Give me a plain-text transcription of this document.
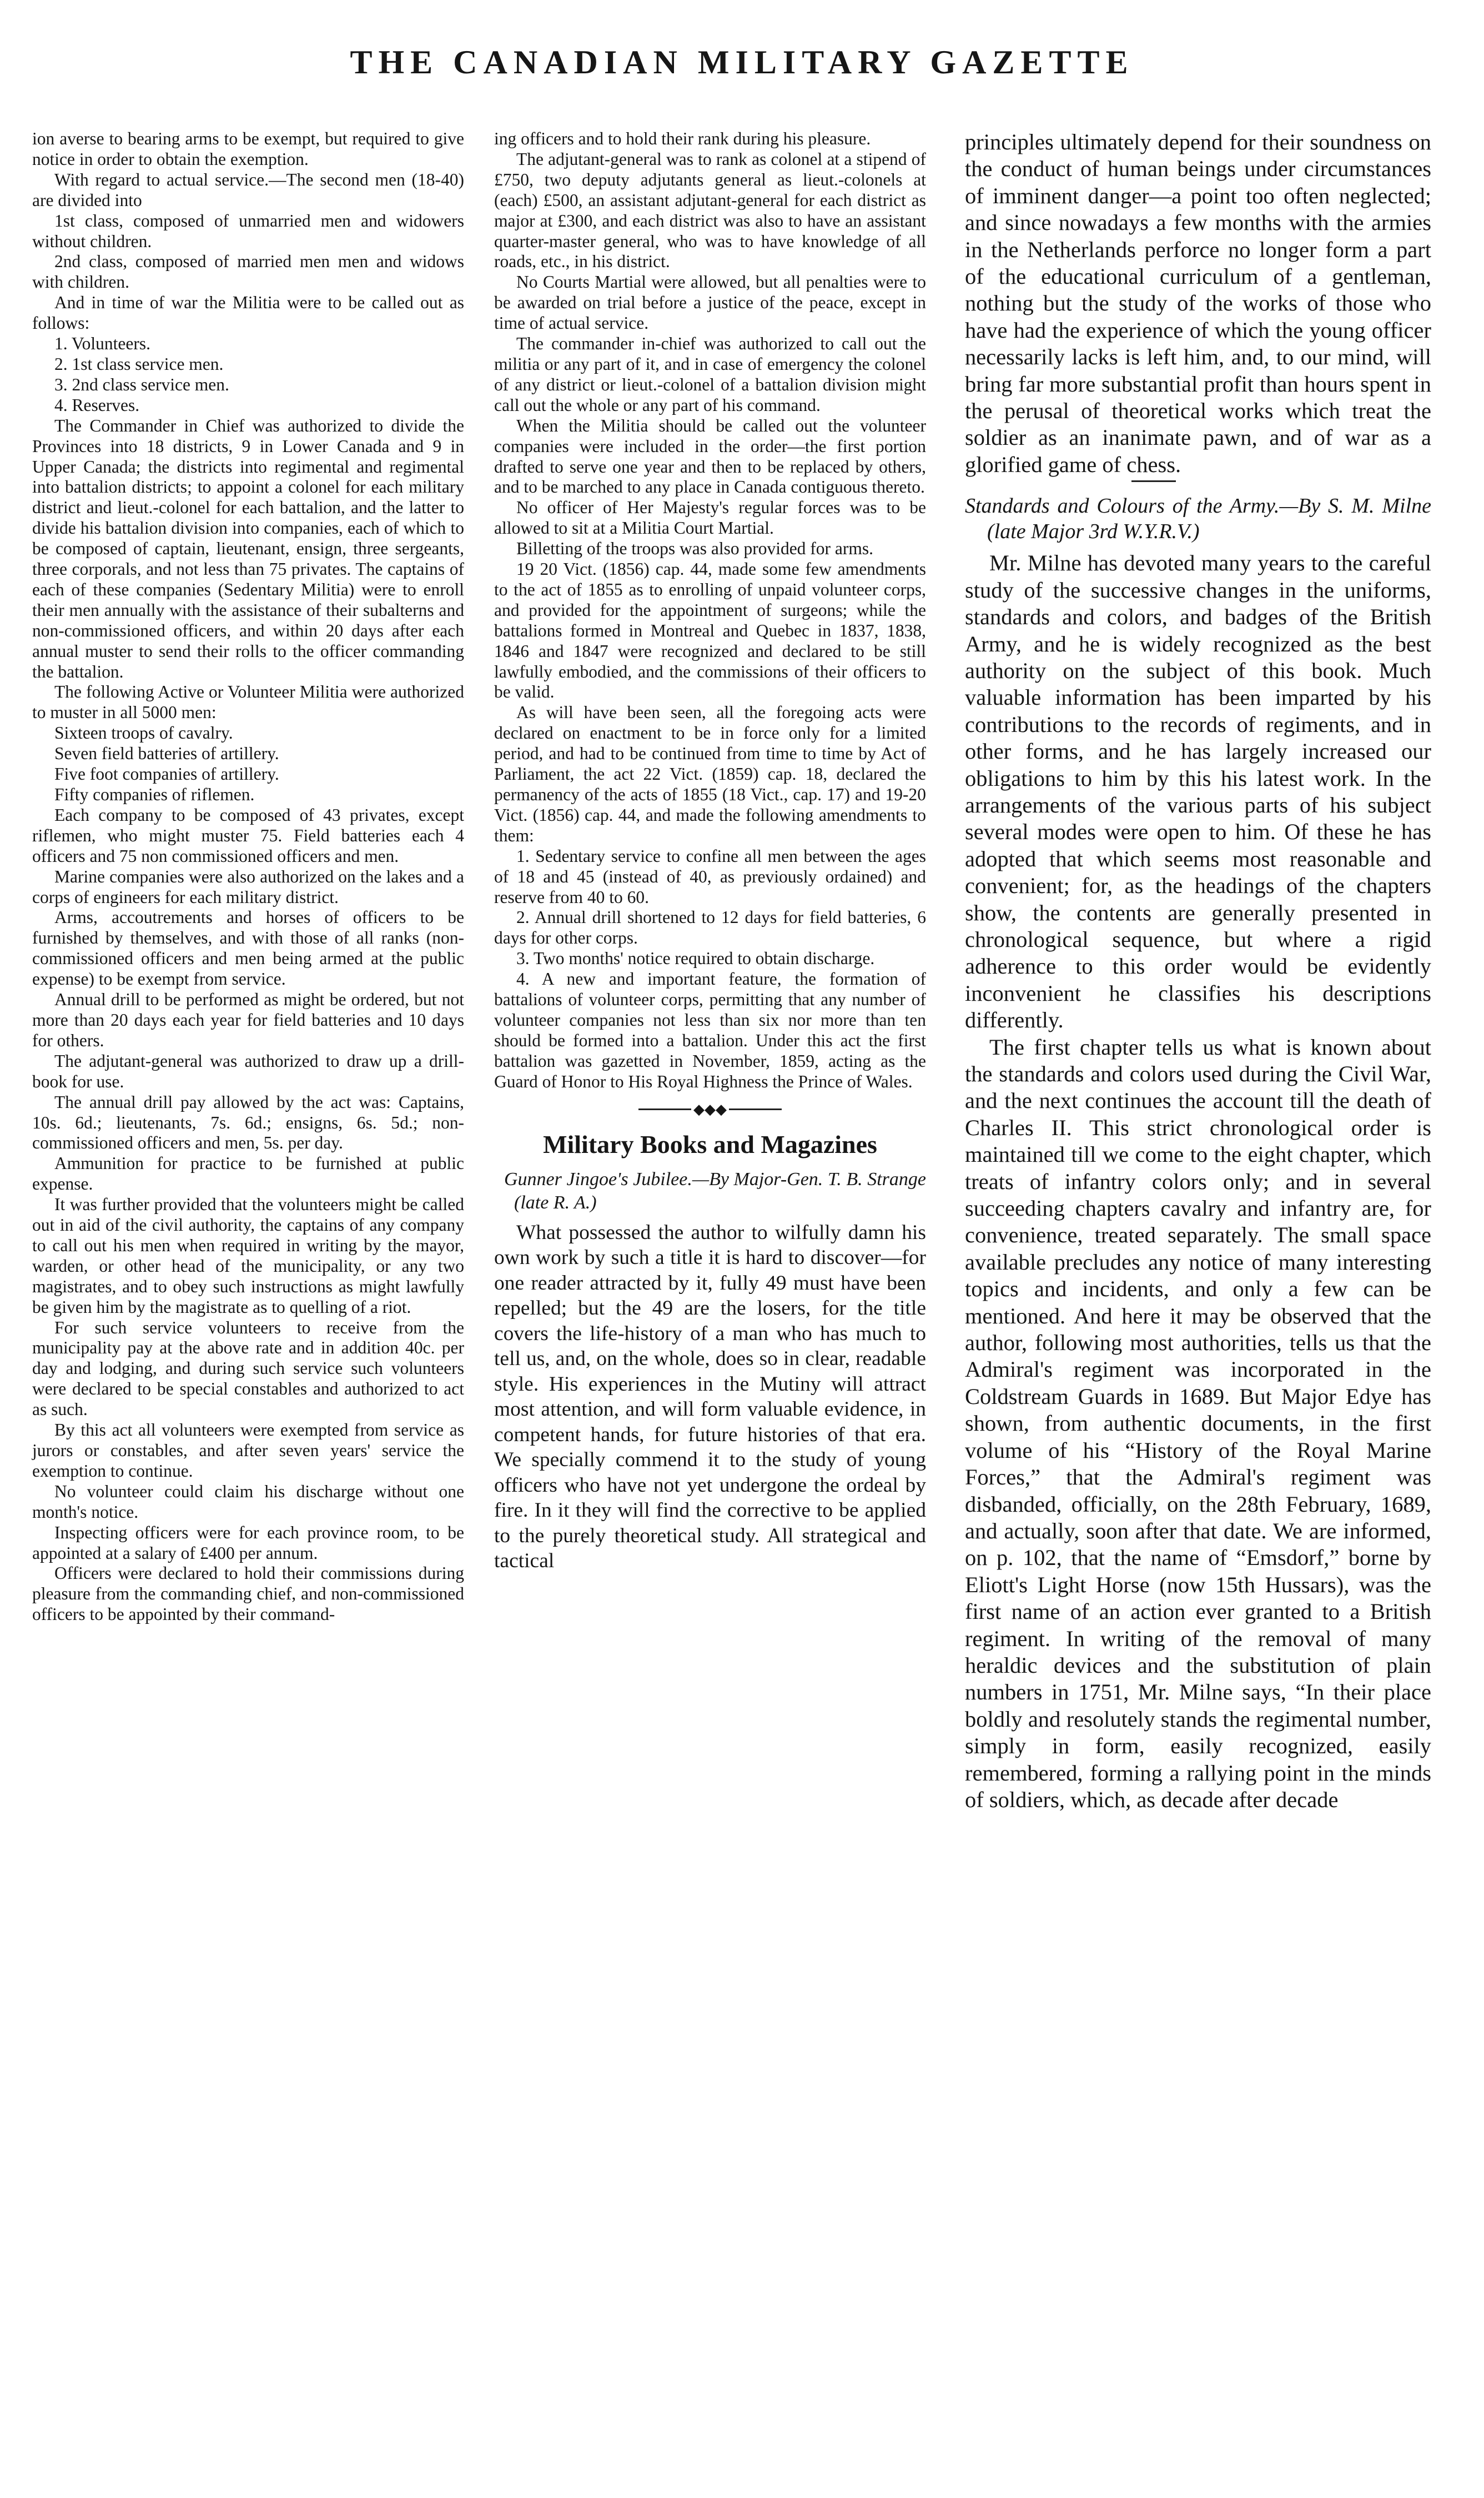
THE CANADIAN MILITARY GAZETTE

ion averse to bearing arms to be exempt, but required to give notice in order to obtain the exemption.

With regard to actual service.—The second men (18-40) are divided into

1st class, composed of unmarried men and widowers without children.

2nd class, composed of married men men and widows with children.

And in time of war the Militia were to be called out as follows:

1. Volunteers.

2. 1st class service men.

3. 2nd class service men.

4. Reserves.

The Commander in Chief was authorized to divide the Provinces into 18 districts, 9 in Lower Canada and 9 in Upper Canada; the districts into regimental and regimental into battalion districts; to appoint a colonel for each military district and lieut.-colonel for each battalion, and the latter to divide his battalion division into companies, each of which to be composed of captain, lieutenant, ensign, three sergeants, three corporals, and not less than 75 privates. The captains of each of these companies (Sedentary Militia) were to enroll their men annually with the assistance of their subalterns and non-commissioned officers, and within 20 days after each annual muster to send their rolls to the officer commanding the battalion.

The following Active or Volunteer Militia were authorized to muster in all 5000 men:

Sixteen troops of cavalry.

Seven field batteries of artillery.

Five foot companies of artillery.

Fifty companies of riflemen.

Each company to be composed of 43 privates, except riflemen, who might muster 75. Field batteries each 4 officers and 75 non commissioned officers and men.

Marine companies were also authorized on the lakes and a corps of engineers for each military district.

Arms, accoutrements and horses of officers to be furnished by themselves, and with those of all ranks (non-commissioned officers and men being armed at the public expense) to be exempt from service.

Annual drill to be performed as might be ordered, but not more than 20 days each year for field batteries and 10 days for others.

The adjutant-general was authorized to draw up a drill-book for use.

The annual drill pay allowed by the act was: Captains, 10s. 6d.; lieutenants, 7s. 6d.; ensigns, 6s. 5d.; non-commissioned officers and men, 5s. per day.

Ammunition for practice to be furnished at public expense.

It was further provided that the volunteers might be called out in aid of the civil authority, the captains of any company to call out his men when required in writing by the mayor, warden, or other head of the municipality, or any two magistrates, and to obey such instructions as might lawfully be given him by the magistrate as to quelling of a riot.

For such service volunteers to receive from the municipality pay at the above rate and in addition 40c. per day and lodging, and during such service such volunteers were declared to be special constables and authorized to act as such.

By this act all volunteers were exempted from service as jurors or constables, and after seven years' service the exemption to continue.

No volunteer could claim his discharge without one month's notice.

Inspecting officers were for each province room, to be appointed at a salary of £400 per annum.

Officers were declared to hold their commissions during pleasure from the commanding chief, and non-commissioned officers to be appointed by their command-

ing officers and to hold their rank during his pleasure.

The adjutant-general was to rank as colonel at a stipend of £750, two deputy adjutants general as lieut.-colonels at (each) £500, an assistant adjutant-general for each district as major at £300, and each district was also to have an assistant quarter-master general, who was to have knowledge of all roads, etc., in his district.

No Courts Martial were allowed, but all penalties were to be awarded on trial before a justice of the peace, except in time of actual service.

The commander in-chief was authorized to call out the militia or any part of it, and in case of emergency the colonel of any district or lieut.-colonel of a battalion division might call out the whole or any part of his command.

When the Militia should be called out the volunteer companies were included in the order—the first portion drafted to serve one year and then to be replaced by others, and to be marched to any place in Canada contiguous thereto.

No officer of Her Majesty's regular forces was to be allowed to sit at a Militia Court Martial.

Billetting of the troops was also provided for arms.

19 20 Vict. (1856) cap. 44, made some few amendments to the act of 1855 as to enrolling of unpaid volunteer corps, and provided for the appointment of surgeons; while the battalions formed in Montreal and Quebec in 1837, 1838, 1846 and 1847 were recognized and declared to be still lawfully embodied, and the commissions of their officers to be valid.

As will have been seen, all the foregoing acts were declared on enactment to be in force only for a limited period, and had to be continued from time to time by Act of Parliament, the act 22 Vict. (1859) cap. 18, declared the permanency of the acts of 1855 (18 Vict., cap. 17) and 19-20 Vict. (1856) cap. 44, and made the following amendments to them:

1. Sedentary service to confine all men between the ages of 18 and 45 (instead of 40, as previously ordained) and reserve from 40 to 60.

2. Annual drill shortened to 12 days for field batteries, 6 days for other corps.

3. Two months' notice required to obtain discharge.

4. A new and important feature, the formation of battalions of volunteer corps, permitting that any number of volunteer companies not less than six nor more than ten should be formed into a battalion. Under this act the first battalion was gazetted in November, 1859, acting as the Guard of Honor to His Royal Highness the Prince of Wales.

◆◆◆
Military Books and Magazines

Gunner Jingoe's Jubilee.—By Major-Gen. T. B. Strange (late R. A.)

What possessed the author to wilfully damn his own work by such a title it is hard to discover—for one reader attracted by it, fully 49 must have been repelled; but the 49 are the losers, for the title covers the life-history of a man who has much to tell us, and, on the whole, does so in clear, readable style. His experiences in the Mutiny will attract most attention, and will form valuable evidence, in competent hands, for future histories of that era. We specially commend it to the study of young officers who have not yet undergone the ordeal by fire. In it they will find the corrective to be applied to the purely theoretical study. All strategical and tactical

principles ultimately depend for their soundness on the conduct of human beings under circumstances of imminent danger—a point too often neglected; and since nowadays a few months with the armies in the Netherlands perforce no longer form a part of the educational curriculum of a gentleman, nothing but the study of the works of those who have had the experience of which the young officer necessarily lacks is left him, and, to our mind, will bring far more substantial profit than hours spent in the perusal of theoretical works which treat the soldier as an inanimate pawn, and of war as a glorified game of chess.

Standards and Colours of the Army.—By S. M. Milne (late Major 3rd W.Y.R.V.)

Mr. Milne has devoted many years to the careful study of the successive changes in the uniforms, standards and colors, and badges of the British Army, and he is widely recognized as the best authority on the subject of this book. Much valuable information has been imparted by his contributions to the records of regiments, and in other forms, and he has largely increased our obligations to him by this his latest work. In the arrangements of the various parts of his subject several modes were open to him. Of these he has adopted that which seems most reasonable and convenient; for, as the headings of the chapters show, the contents are generally presented in chronological sequence, but where a rigid adherence to this order would be evidently inconvenient he classifies his descriptions differently.

The first chapter tells us what is known about the standards and colors used during the Civil War, and the next continues the account till the death of Charles II. This strict chronological order is maintained till we come to the eight chapter, which treats of infantry colors only; and in several succeeding chapters cavalry and infantry are, for convenience, treated separately. The small space available precludes any notice of many interesting topics and incidents, and only a few can be mentioned. And here it may be observed that the author, following most authorities, tells us that the Admiral's regiment was incorporated in the Coldstream Guards in 1689. But Major Edye has shown, from authentic documents, in the first volume of his “History of the Royal Marine Forces,” that the Admiral's regiment was disbanded, officially, on the 28th February, 1689, and actually, soon after that date. We are informed, on p. 102, that the name of “Emsdorf,” borne by Eliott's Light Horse (now 15th Hussars), was the first name of an action ever granted to a British regiment. In writing of the removal of many heraldic devices and the substitution of plain numbers in 1751, Mr. Milne says, “In their place boldly and resolutely stands the regimental number, simply in form, easily recognized, easily remembered, forming a rallying point in the minds of soldiers, which, as decade after decade
